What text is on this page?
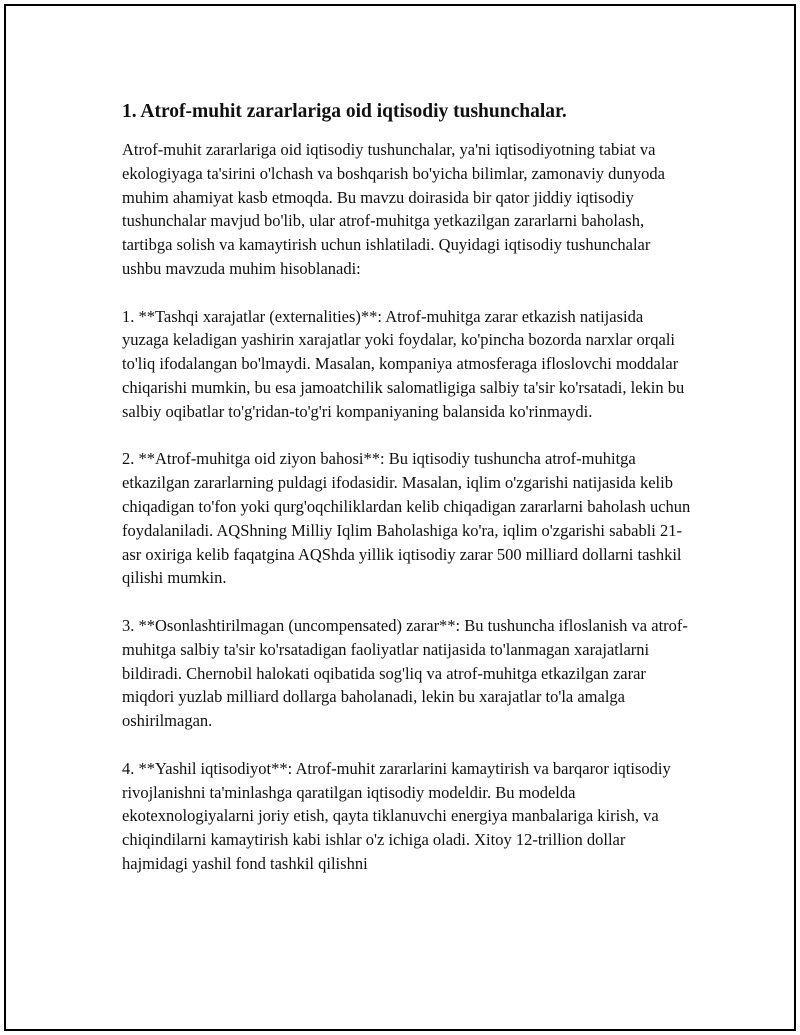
1. Atrof-muhit zararlariga oid iqtisodiy tushunchalar.

Atrof-muhit zararlariga oid iqtisodiy tushunchalar, ya'ni iqtisodiyotning tabiat va ekologiyaga ta'sirini o'lchash va boshqarish bo'yicha bilimlar, zamonaviy dunyoda muhim ahamiyat kasb etmoqda. Bu mavzu doirasida bir qator jiddiy iqtisodiy tushunchalar mavjud bo'lib, ular atrof-muhitga yetkazilgan zararlarni baholash, tartibga solish va kamaytirish uchun ishlatiladi. Quyidagi iqtisodiy tushunchalar ushbu mavzuda muhim hisoblanadi:

1. **Tashqi xarajatlar (externalities)**: Atrof-muhitga zarar etkazish natijasida yuzaga keladigan yashirin xarajatlar yoki foydalar, ko'pincha bozorda narxlar orqali to'liq ifodalangan bo'lmaydi. Masalan, kompaniya atmosferaga ifloslovchi moddalar chiqarishi mumkin, bu esa jamoatchilik salomatligiga salbiy ta'sir ko'rsatadi, lekin bu salbiy oqibatlar to'g'ridan-to'g'ri kompaniyaning balansida ko'rinmaydi.

2. **Atrof-muhitga oid ziyon bahosi**: Bu iqtisodiy tushuncha atrof-muhitga etkazilgan zararlarning puldagi ifodasidir. Masalan, iqlim o'zgarishi natijasida kelib chiqadigan to'fon yoki qurg'oqchiliklardan kelib chiqadigan zararlarni baholash uchun foydalaniladi. AQShning Milliy Iqlim Baholashiga ko'ra, iqlim o'zgarishi sababli 21-asr oxiriga kelib faqatgina AQShda yillik iqtisodiy zarar 500 milliard dollarni tashkil qilishi mumkin.

3. **Osonlashtirilmagan (uncompensated) zarar**: Bu tushuncha ifloslanish va atrof-muhitga salbiy ta'sir ko'rsatadigan faoliyatlar natijasida to'lanmagan xarajatlarni bildiradi. Chernobil halokati oqibatida sog'liq va atrof-muhitga etkazilgan zarar miqdori yuzlab milliard dollarga baholanadi, lekin bu xarajatlar to'la amalga oshirilmagan.

4. **Yashil iqtisodiyot**: Atrof-muhit zararlarini kamaytirish va barqaror iqtisodiy rivojlanishni ta'minlashga qaratilgan iqtisodiy modeldir. Bu modelda ekotexnologiyalarni joriy etish, qayta tiklanuvchi energiya manbalariga kirish, va chiqindilarni kamaytirish kabi ishlar o'z ichiga oladi. Xitoy 12-trillion dollar hajmidagi yashil fond tashkil qilishni
